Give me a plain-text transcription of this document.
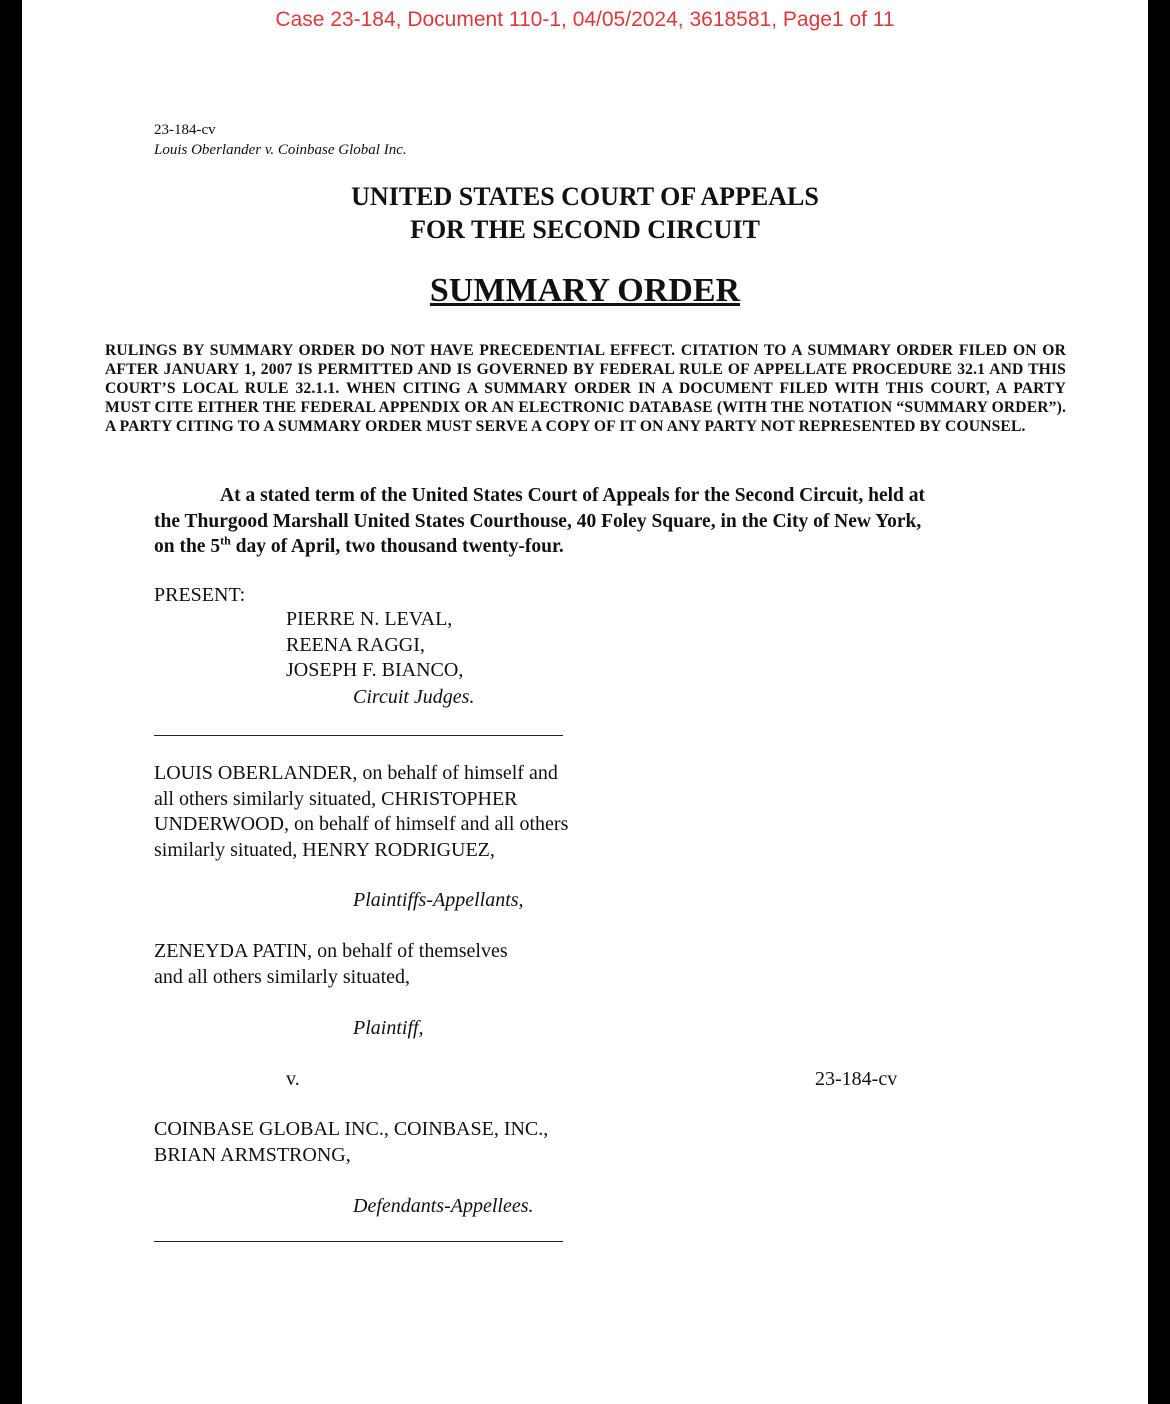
Case 23-184, Document 110-1, 04/05/2024, 3618581, Page1 of 11
23-184-cv
Louis Oberlander v. Coinbase Global Inc.
UNITED STATES COURT OF APPEALS
FOR THE SECOND CIRCUIT
SUMMARY ORDER
RULINGS BY SUMMARY ORDER DO NOT HAVE PRECEDENTIAL EFFECT. CITATION TO A SUMMARY ORDER FILED ON OR AFTER JANUARY 1, 2007 IS PERMITTED AND IS GOVERNED BY FEDERAL RULE OF APPELLATE PROCEDURE 32.1 AND THIS COURT’S LOCAL RULE 32.1.1. WHEN CITING A SUMMARY ORDER IN A DOCUMENT FILED WITH THIS COURT, A PARTY MUST CITE EITHER THE FEDERAL APPENDIX OR AN ELECTRONIC DATABASE (WITH THE NOTATION “SUMMARY ORDER”). A PARTY CITING TO A SUMMARY ORDER MUST SERVE A COPY OF IT ON ANY PARTY NOT REPRESENTED BY COUNSEL.
At a stated term of the United States Court of Appeals for the Second Circuit, held at
the Thurgood Marshall United States Courthouse, 40 Foley Square, in the City of New York,
on the 5th day of April, two thousand twenty-four.
PRESENT:
PIERRE N. LEVAL,
REENA RAGGI,
JOSEPH F. BIANCO,
Circuit Judges.
LOUIS OBERLANDER, on behalf of himself and
all others similarly situated, CHRISTOPHER
UNDERWOOD, on behalf of himself and all others
similarly situated, HENRY RODRIGUEZ,
Plaintiffs-Appellants,
ZENEYDA PATIN, on behalf of themselves
and all others similarly situated,
Plaintiff,
v.	23-184-cv
COINBASE GLOBAL INC., COINBASE, INC.,
BRIAN ARMSTRONG,
Defendants-Appellees.
